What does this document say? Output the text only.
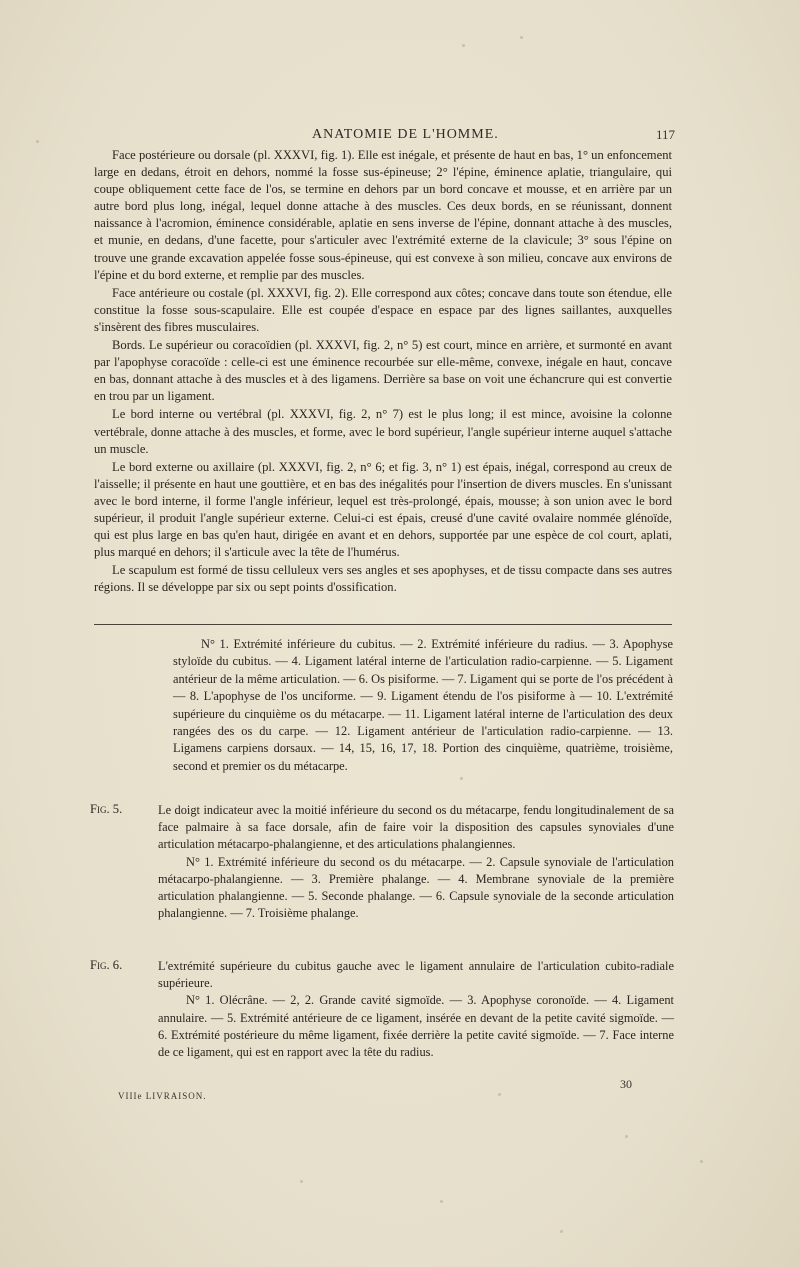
ANATOMIE DE L'HOMME.	117

Face postérieure ou dorsale (pl. XXXVI, fig. 1). Elle est inégale, et présente de haut en bas, 1° un enfoncement large en dedans, étroit en dehors, nommé la fosse sus-épineuse; 2° l'épine, éminence aplatie, triangulaire, qui coupe obliquement cette face de l'os, se termine en dehors par un bord concave et mousse, et en arrière par un autre bord plus long, inégal, lequel donne attache à des muscles. Ces deux bords, en se réunissant, donnent naissance à l'acromion, éminence considérable, aplatie en sens inverse de l'épine, donnant attache à des muscles, et munie, en dedans, d'une facette, pour s'articuler avec l'extrémité externe de la clavicule; 3° sous l'épine on trouve une grande excavation appelée fosse sous-épineuse, qui est convexe à son milieu, concave aux environs de l'épine et du bord externe, et remplie par des muscles.

Face antérieure ou costale (pl. XXXVI, fig. 2). Elle correspond aux côtes; concave dans toute son étendue, elle constitue la fosse sous-scapulaire. Elle est coupée d'espace en espace par des lignes saillantes, auxquelles s'insèrent des fibres musculaires.

Bords. Le supérieur ou coracoïdien (pl. XXXVI, fig. 2, n° 5) est court, mince en arrière, et surmonté en avant par l'apophyse coracoïde : celle-ci est une éminence recourbée sur elle-même, convexe, inégale en haut, concave en bas, donnant attache à des muscles et à des ligamens. Derrière sa base on voit une échancrure qui est convertie en trou par un ligament.

Le bord interne ou vertébral (pl. XXXVI, fig. 2, n° 7) est le plus long; il est mince, avoisine la colonne vertébrale, donne attache à des muscles, et forme, avec le bord supérieur, l'angle supérieur interne auquel s'attache un muscle.

Le bord externe ou axillaire (pl. XXXVI, fig. 2, n° 6; et fig. 3, n° 1) est épais, inégal, correspond au creux de l'aisselle; il présente en haut une gouttière, et en bas des inégalités pour l'insertion de divers muscles. En s'unissant avec le bord interne, il forme l'angle inférieur, lequel est très-prolongé, épais, mousse; à son union avec le bord supérieur, il produit l'angle supérieur externe. Celui-ci est épais, creusé d'une cavité ovalaire nommée glénoïde, qui est plus large en bas qu'en haut, dirigée en avant et en dehors, supportée par une espèce de col court, aplati, plus marqué en dehors; il s'articule avec la tête de l'humérus.

Le scapulum est formé de tissu celluleux vers ses angles et ses apophyses, et de tissu compacte dans ses autres régions. Il se développe par six ou sept points d'ossification.

N° 1. Extrémité inférieure du cubitus. — 2. Extrémité inférieure du radius. — 3. Apophyse styloïde du cubitus. — 4. Ligament latéral interne de l'articulation radio-carpienne. — 5. Ligament antérieur de la même articulation. — 6. Os pisiforme. — 7. Ligament qui se porte de l'os précédent à — 8. L'apophyse de l'os unciforme. — 9. Ligament étendu de l'os pisiforme à — 10. L'extrémité supérieure du cinquième os du métacarpe. — 11. Ligament latéral interne de l'articulation des deux rangées des os du carpe. — 12. Ligament antérieur de l'articulation radio-carpienne. — 13. Ligamens carpiens dorsaux. — 14, 15, 16, 17, 18. Portion des cinquième, quatrième, troisième, second et premier os du métacarpe.

Fig. 5.	Le doigt indicateur avec la moitié inférieure du second os du métacarpe, fendu longitudinalement de sa face palmaire à sa face dorsale, afin de faire voir la disposition des capsules synoviales d'une articulation métacarpo-phalangienne, et des articulations phalangiennes.

N° 1. Extrémité inférieure du second os du métacarpe. — 2. Capsule synoviale de l'articulation métacarpo-phalangienne. — 3. Première phalange. — 4. Membrane synoviale de la première articulation phalangienne. — 5. Seconde phalange. — 6. Capsule synoviale de la seconde articulation phalangienne. — 7. Troisième phalange.

Fig. 6.	L'extrémité supérieure du cubitus gauche avec le ligament annulaire de l'articulation cubito-radiale supérieure.

N° 1. Olécrâne. — 2, 2. Grande cavité sigmoïde. — 3. Apophyse coronoïde. — 4. Ligament annulaire. — 5. Extrémité antérieure de ce ligament, insérée en devant de la petite cavité sigmoïde. — 6. Extrémité postérieure du même ligament, fixée derrière la petite cavité sigmoïde. — 7. Face interne de ce ligament, qui est en rapport avec la tête du radius.

30
VIIIe LIVRAISON.
